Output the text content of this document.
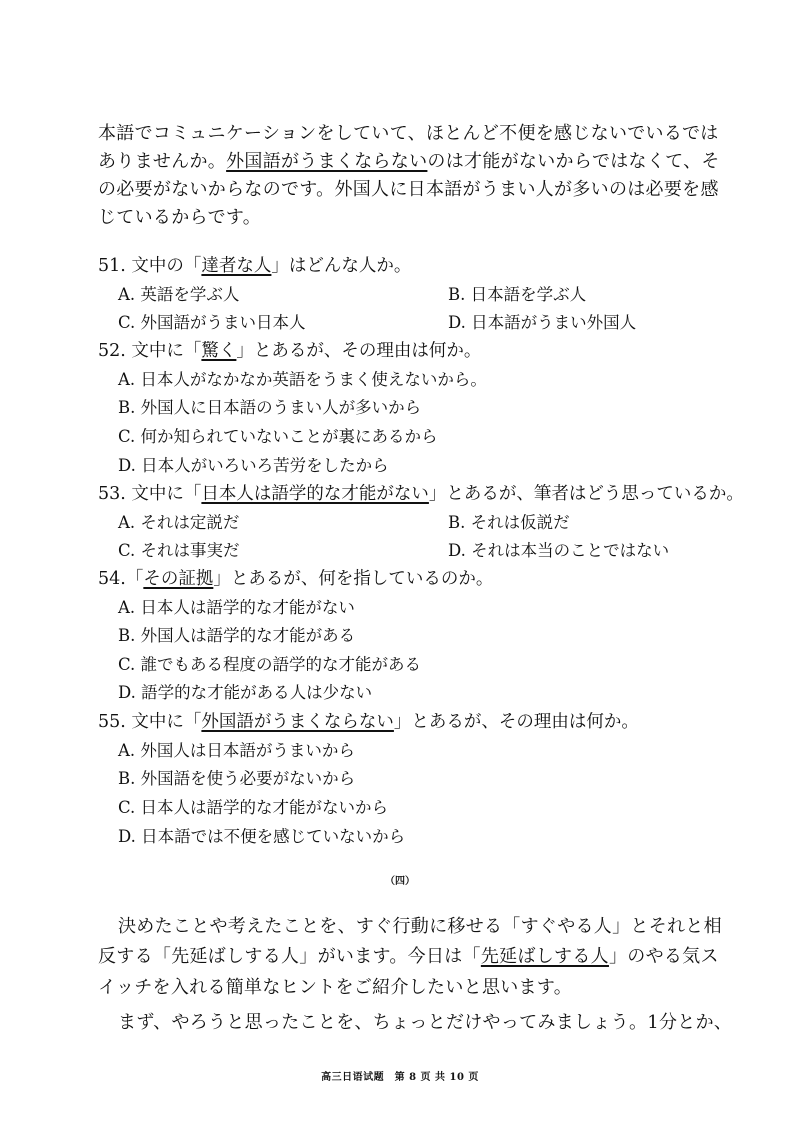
本語でコミュニケーションをしていて、ほとんど不便を感じないでいるでは
ありませんか。外国語がうまくならないのは才能がないからではなくて、そ
の必要がないからなのです。外国人に日本語がうまい人が多いのは必要を感
じているからです。
51. 文中の「達者な人」はどんな人か。
A. 英語を学ぶ人	B. 日本語を学ぶ人
C. 外国語がうまい日本人	D. 日本語がうまい外国人
52. 文中に「驚く」とあるが、その理由は何か。
A. 日本人がなかなか英語をうまく使えないから。
B. 外国人に日本語のうまい人が多いから
C. 何か知られていないことが裏にあるから
D. 日本人がいろいろ苦労をしたから
53. 文中に「日本人は語学的な才能がない」とあるが、筆者はどう思っているか。
A. それは定説だ	B. それは仮説だ
C. それは事実だ	D. それは本当のことではない
54.「その証拠」とあるが、何を指しているのか。
A. 日本人は語学的な才能がない
B. 外国人は語学的な才能がある
C. 誰でもある程度の語学的な才能がある
D. 語学的な才能がある人は少ない
55. 文中に「外国語がうまくならない」とあるが、その理由は何か。
A. 外国人は日本語がうまいから
B. 外国語を使う必要がないから
C. 日本人は語学的な才能がないから
D. 日本語では不便を感じていないから
（四）
決めたことや考えたことを、すぐ行動に移せる「すぐやる人」とそれと相
反する「先延ばしする人」がいます。今日は「先延ばしする人」のやる気ス
イッチを入れる簡単なヒントをご紹介したいと思います。
まず、やろうと思ったことを、ちょっとだけやってみましょう。1分とか、
高三日语试题　第 8 页 共 10 页
